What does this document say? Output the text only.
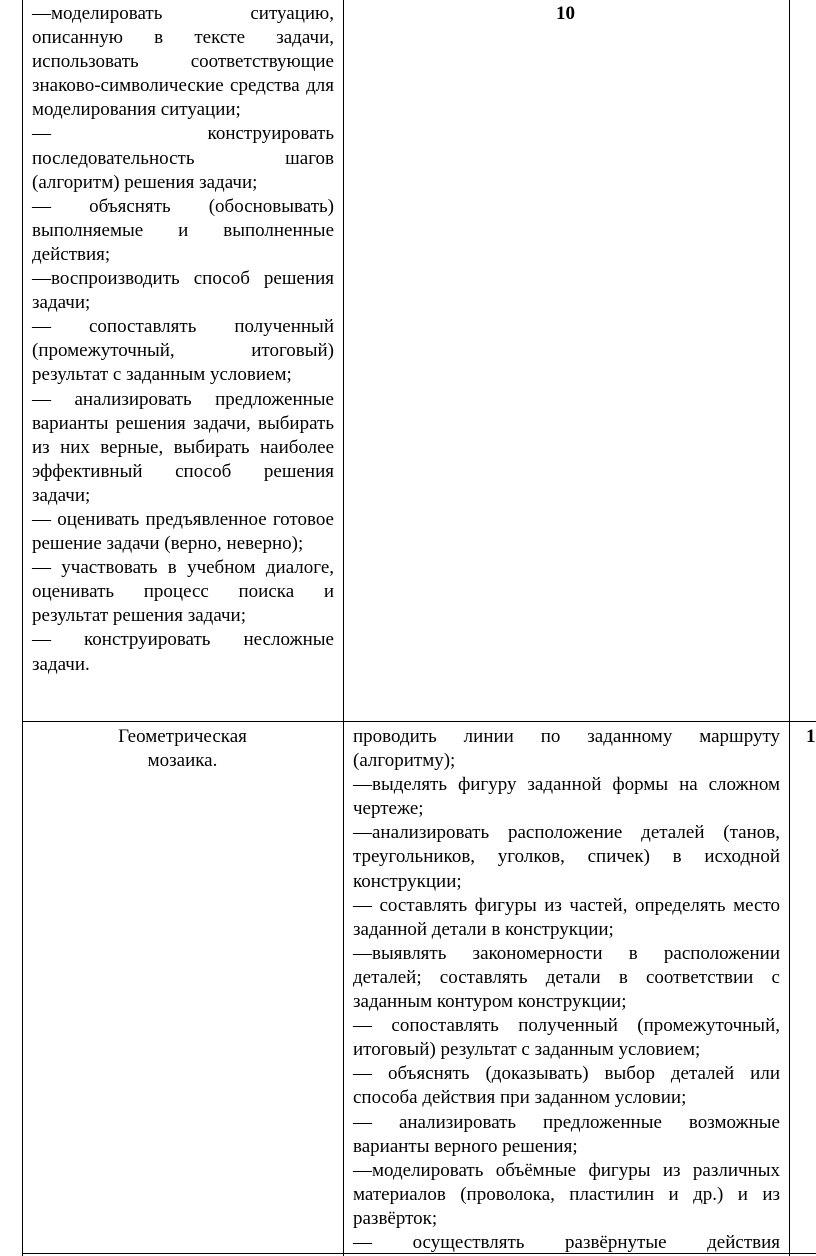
—моделировать ситуацию, описанную в тексте задачи, использовать соответствующие знаково-символические средства для моделирования ситуации;

— конструировать последовательность шагов (алгоритм) решения задачи;

— объяснять (обосновывать) выполняемые и выполненные действия;

—воспроизводить способ решения задачи;

— сопоставлять полученный (промежуточный, итоговый) результат с заданным условием;

— анализировать предложенные варианты решения задачи, выбирать из них верные, выбирать наиболее эффективный способ решения задачи;

— оценивать предъявленное готовое решение задачи (верно, неверно);

— участвовать в учебном диалоге, оценивать процесс поиска и результат решения задачи;

— конструировать несложные задачи.

10
Геометрическая
мозаика.

проводить линии по заданному маршруту (алгоритму);

—выделять фигуру заданной формы на сложном чертеже;

—анализировать расположение деталей (танов, треугольников, уголков, спичек) в исходной конструкции;

— составлять фигуры из частей, определять место заданной детали в конструкции;

—выявлять закономерности в расположении деталей; составлять детали в соответствии с заданным контуром конструкции;

— сопоставлять полученный (промежуточный, итоговый) результат с заданным условием;

— объяснять (доказывать) выбор деталей или способа действия при заданном условии;

— анализировать предложенные возможные варианты верного решения;

—моделировать объёмные фигуры из различных материалов (проволока, пластилин и др.) и из развёрток;

— осуществлять развёрнутые действия

1
